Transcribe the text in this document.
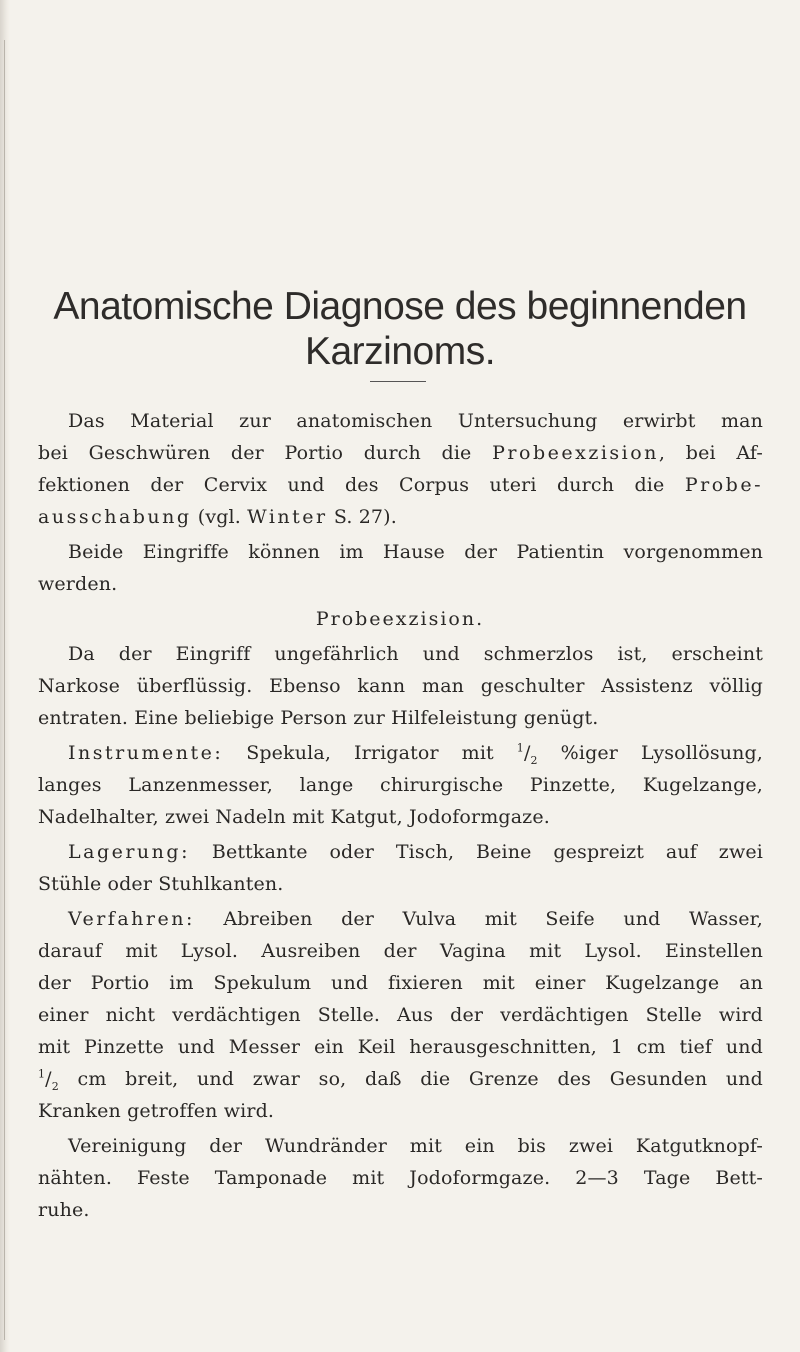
Anatomische Diagnose des beginnenden
Karzinoms.
Das Material zur anatomischen Untersuchung erwirbt man
bei Geschwüren der Portio durch die Probeexzision, bei Af-
fektionen der Cervix und des Corpus uteri durch die Probe-
ausschabung (vgl. Winter S. 27).
Beide Eingriffe können im Hause der Patientin vorgenommen
werden.
Probeexzision.
Da der Eingriff ungefährlich und schmerzlos ist, erscheint
Narkose überflüssig. Ebenso kann man geschulter Assistenz völlig
entraten. Eine beliebige Person zur Hilfeleistung genügt.
Instrumente: Spekula, Irrigator mit $^1/_2$ %iger Lysollösung,
langes Lanzenmesser, lange chirurgische Pinzette, Kugelzange,
Nadelhalter, zwei Nadeln mit Katgut, Jodoformgaze.
Lagerung: Bettkante oder Tisch, Beine gespreizt auf zwei
Stühle oder Stuhlkanten.
Verfahren: Abreiben der Vulva mit Seife und Wasser,
darauf mit Lysol. Ausreiben der Vagina mit Lysol. Einstellen
der Portio im Spekulum und fixieren mit einer Kugelzange an
einer nicht verdächtigen Stelle. Aus der verdächtigen Stelle wird
mit Pinzette und Messer ein Keil herausgeschnitten, 1 cm tief und
$^1/_2$ cm breit, und zwar so, daß die Grenze des Gesunden und
Kranken getroffen wird.
Vereinigung der Wundränder mit ein bis zwei Katgutknopf-
nähten. Feste Tamponade mit Jodoformgaze. 2—3 Tage Bett-
ruhe.
